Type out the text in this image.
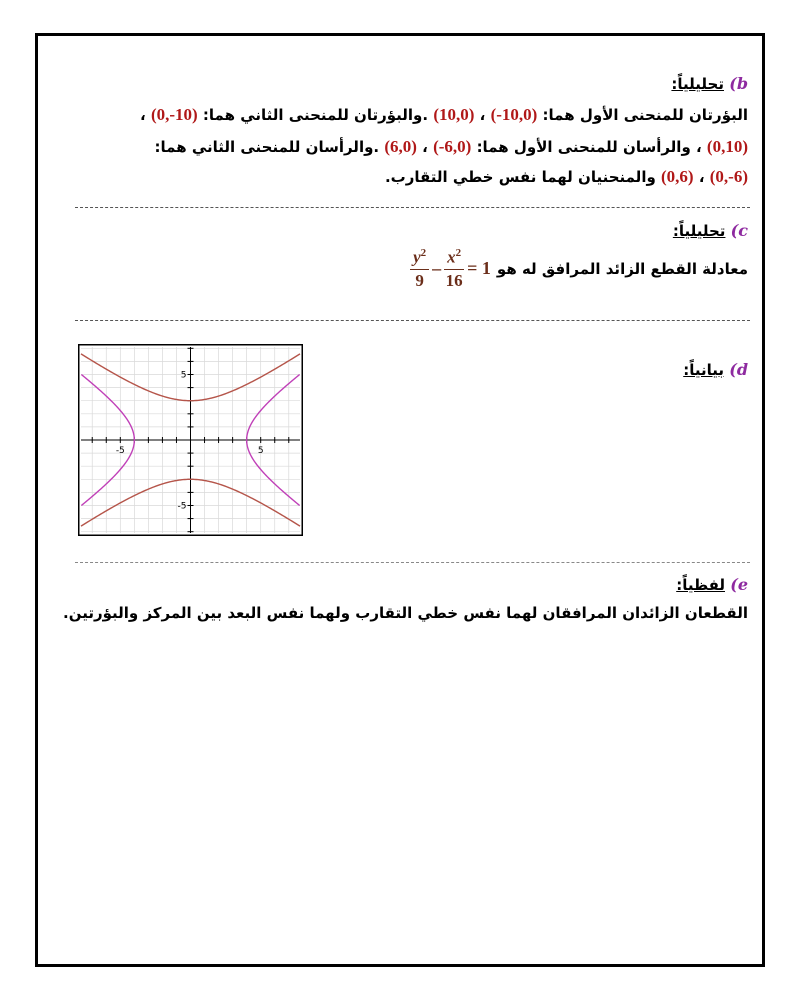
b) تحليلياً:
البؤرتان للمنحنى الأول هما: (-10,0) ، (10,0) .والبؤرتان للمنحنى الثاني هما: (0,-10) ،
(0,10) ، والرأسان للمنحنى الأول هما: (-6,0) ، (6,0) .والرأسان للمنحنى الثاني هما:
(0,-6) ، (0,6) والمنحنيان لهما نفس خطي التقارب.
c) تحليلياً:
معادلة القطع الزائد المرافق له هو
$\frac{y^2}{9} - \frac{x^2}{16} = 1$
d) بيانياً:
-5	5
5
-5
e) لفظياً:
القطعان الزائدان المرافقان لهما نفس خطي التقارب ولهما نفس البعد بين المركز والبؤرتين.
